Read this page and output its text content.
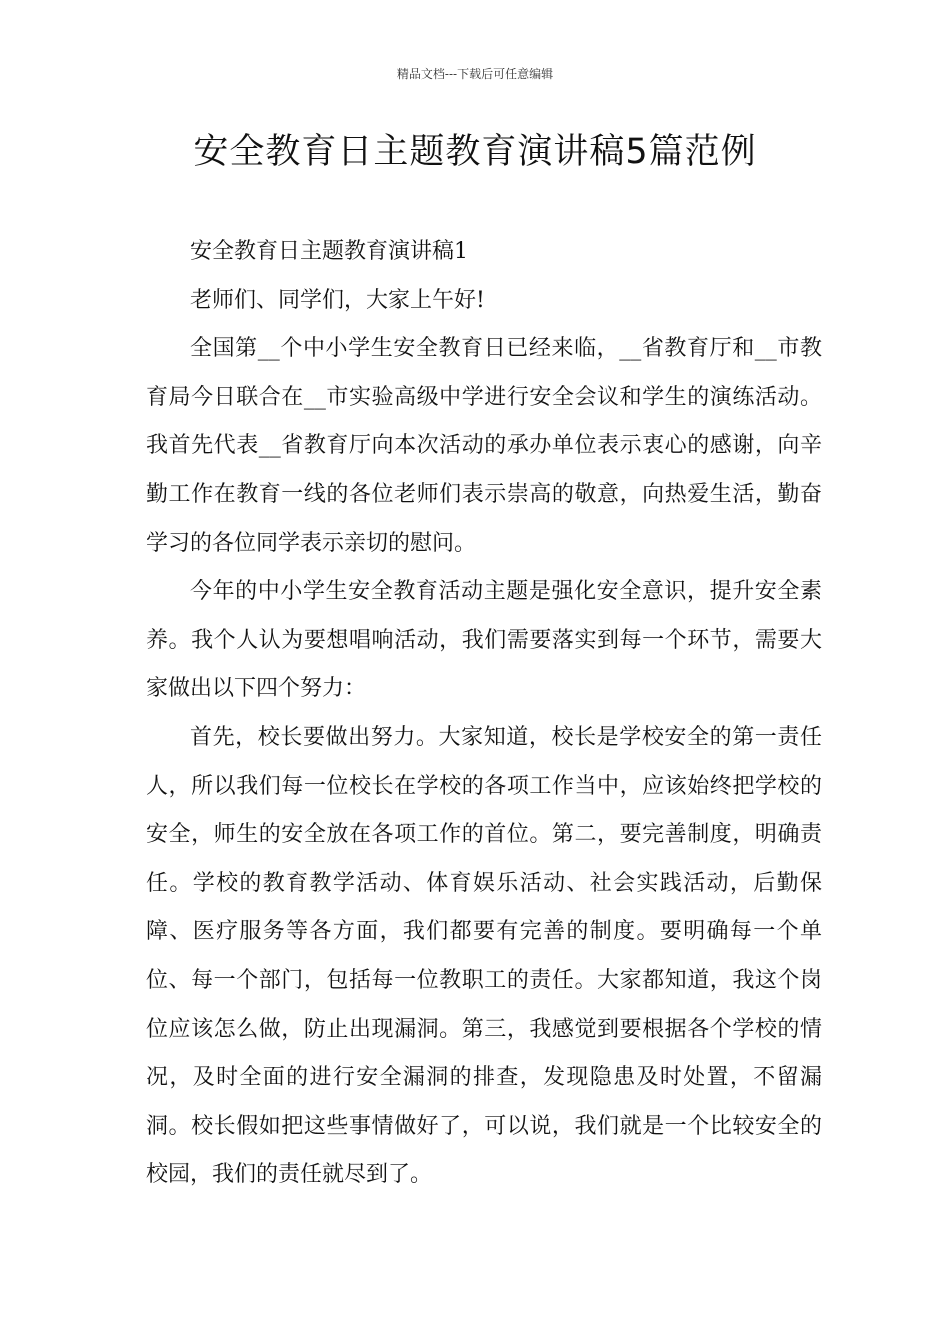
精品文档---下载后可任意编辑
安全教育日主题教育演讲稿5篇范例

安全教育日主题教育演讲稿1

老师们、同学们，大家上午好!

全国第__个中小学生安全教育日已经来临，__省教育厅和__市教育局今日联合在__市实验高级中学进行安全会议和学生的演练活动。我首先代表__省教育厅向本次活动的承办单位表示衷心的感谢，向辛勤工作在教育一线的各位老师们表示崇高的敬意，向热爱生活，勤奋学习的各位同学表示亲切的慰问。

今年的中小学生安全教育活动主题是强化安全意识，提升安全素养。我个人认为要想唱响活动，我们需要落实到每一个环节，需要大家做出以下四个努力：

首先，校长要做出努力。大家知道，校长是学校安全的第一责任人，所以我们每一位校长在学校的各项工作当中，应该始终把学校的安全，师生的安全放在各项工作的首位。第二，要完善制度，明确责任。学校的教育教学活动、体育娱乐活动、社会实践活动，后勤保障、医疗服务等各方面，我们都要有完善的制度。要明确每一个单位、每一个部门，包括每一位教职工的责任。大家都知道，我这个岗位应该怎么做，防止出现漏洞。第三，我感觉到要根据各个学校的情况，及时全面的进行安全漏洞的排查，发现隐患及时处置，不留漏洞。校长假如把这些事情做好了，可以说，我们就是一个比较安全的校园，我们的责任就尽到了。
